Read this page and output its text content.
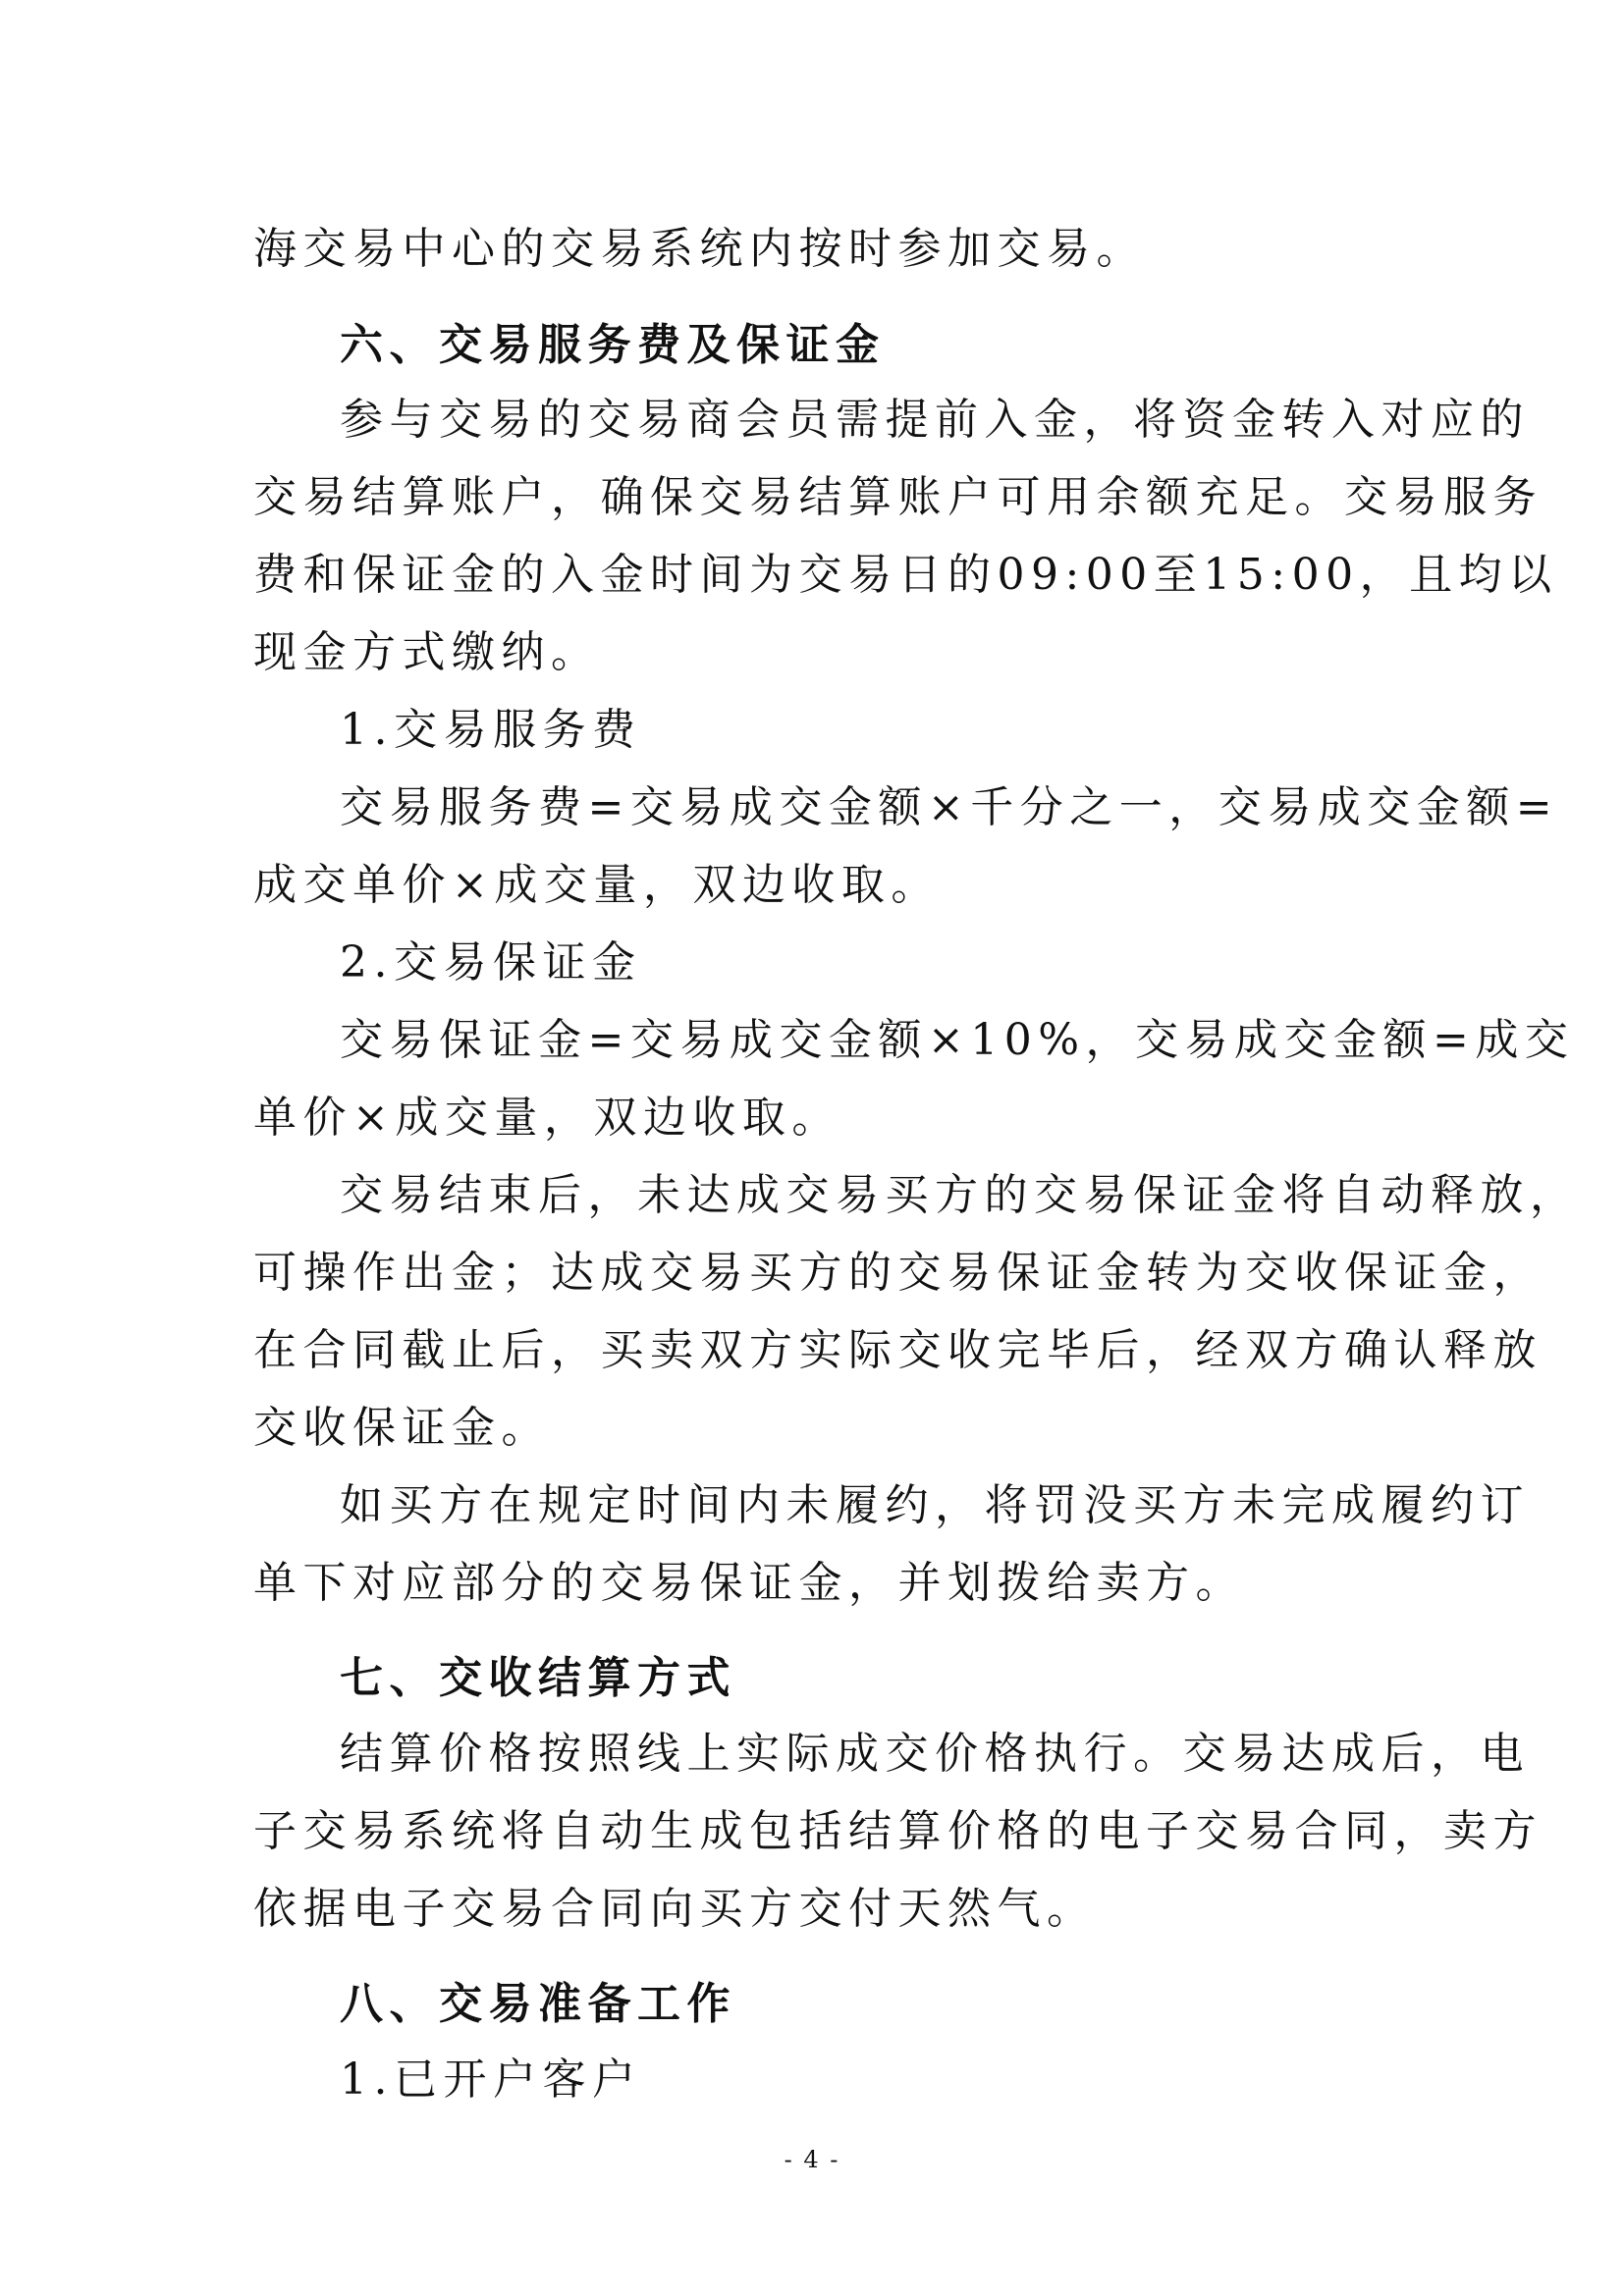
海交易中心的交易系统内按时参加交易。
六、交易服务费及保证金
参与交易的交易商会员需提前入金，将资金转入对应的
交易结算账户，确保交易结算账户可用余额充足。交易服务
费和保证金的入金时间为交易日的09:00至15:00，且均以
现金方式缴纳。
1.交易服务费
交易服务费=交易成交金额×千分之一，交易成交金额=
成交单价×成交量，双边收取。
2.交易保证金
交易保证金=交易成交金额×10%，交易成交金额=成交
单价×成交量，双边收取。
交易结束后，未达成交易买方的交易保证金将自动释放，
可操作出金；达成交易买方的交易保证金转为交收保证金，
在合同截止后，买卖双方实际交收完毕后，经双方确认释放
交收保证金。
如买方在规定时间内未履约，将罚没买方未完成履约订
单下对应部分的交易保证金，并划拨给卖方。
七、交收结算方式
结算价格按照线上实际成交价格执行。交易达成后，电
子交易系统将自动生成包括结算价格的电子交易合同，卖方
依据电子交易合同向买方交付天然气。
八、交易准备工作
1.已开户客户
- 4 -
